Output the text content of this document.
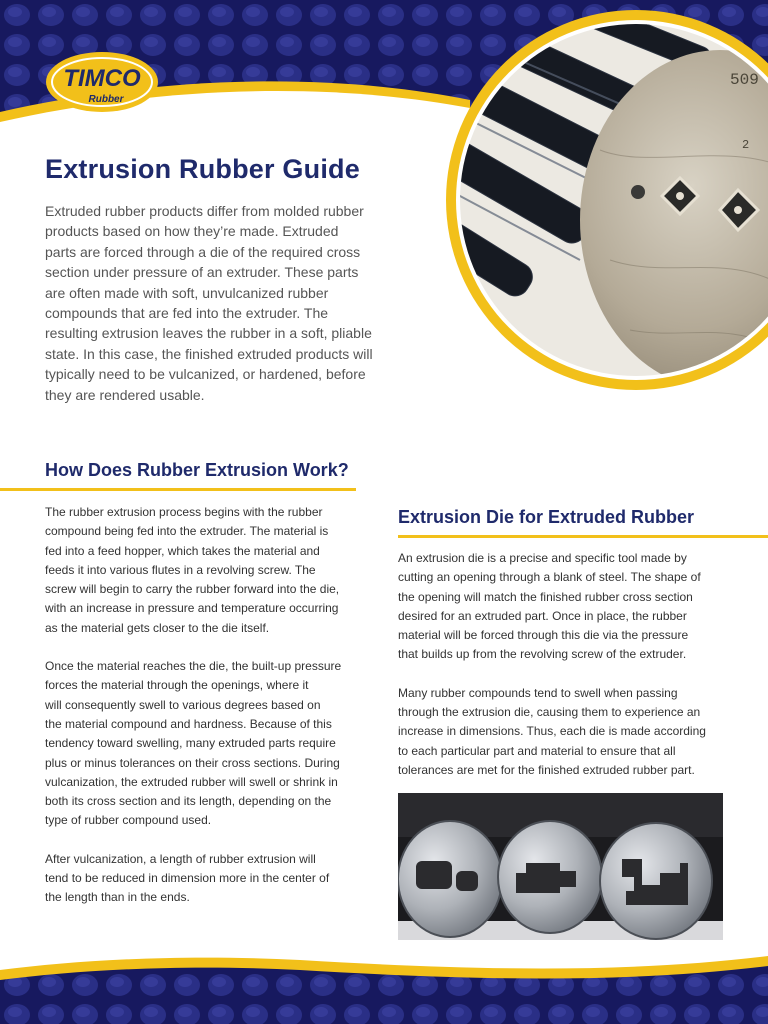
TIMCO
Rubber
509
2
Extrusion Rubber Guide
Extruded rubber products differ from molded rubber
products based on how they’re made. Extruded
parts are forced through a die of the required cross
section under pressure of an extruder. These parts
are often made with soft, unvulcanized rubber
compounds that are fed into the extruder. The
resulting extrusion leaves the rubber in a soft, pliable
state. In this case, the finished extruded products will
typically need to be vulcanized, or hardened, before
they are rendered usable.
How Does Rubber Extrusion Work?
The rubber extrusion process begins with the rubber
compound being fed into the extruder. The material is
fed into a feed hopper, which takes the material and
feeds it into various flutes in a revolving screw. The
screw will begin to carry the rubber forward into the die,
with an increase in pressure and temperature occurring
as the material gets closer to the die itself.
Once the material reaches the die, the built-up pressure
forces the material through the openings, where it
will consequently swell to various degrees based on
the material compound and hardness. Because of this
tendency toward swelling, many extruded parts require
plus or minus tolerances on their cross sections. During
vulcanization, the extruded rubber will swell or shrink in
both its cross section and its length, depending on the
type of rubber compound used.
After vulcanization, a length of rubber extrusion will
tend to be reduced in dimension more in the center of
the length than in the ends.
Extrusion Die for Extruded Rubber
An extrusion die is a precise and specific tool made by
cutting an opening through a blank of steel. The shape of
the opening will match the finished rubber cross section
desired for an extruded part. Once in place, the rubber
material will be forced through this die via the pressure
that builds up from the revolving screw of the extruder.
Many rubber compounds tend to swell when passing
through the extrusion die, causing them to experience an
increase in dimensions. Thus, each die is made according
to each particular part and material to ensure that all
tolerances are met for the finished extruded rubber part.
